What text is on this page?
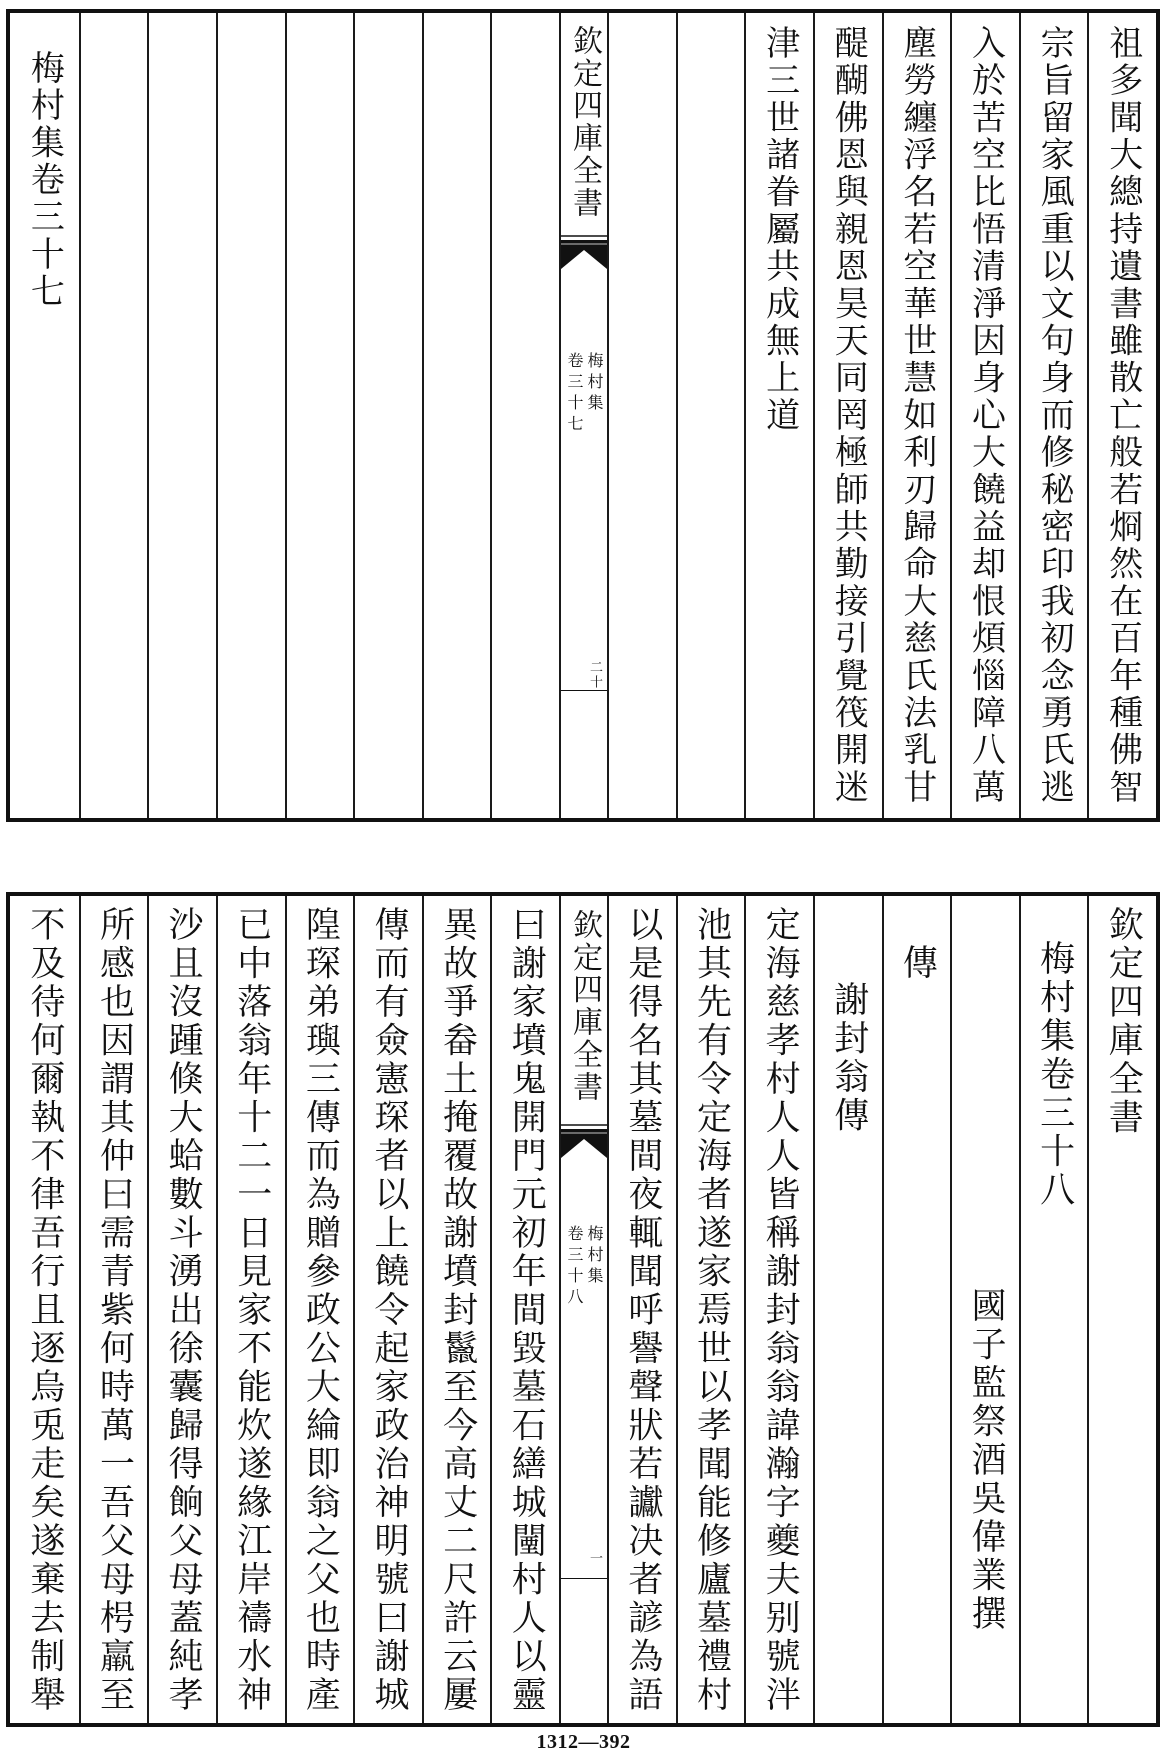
祖多聞大總持遺書雖散亡般若烱然在百年種佛智
宗旨留家風重以文句身而修秘密印我初念勇氏逃
入於苦空比悟清淨因身心大饒益却恨煩惱障八萬
塵勞纏浮名若空華世慧如利刃歸命大慈氏法乳甘
醍醐佛恩與親恩昊天同罔極師共勤接引覺筏開迷
津三世諸眷屬共成無上道
欽定四庫全書
梅村集
卷三十七
二十
梅村集卷三十七
欽定四庫全書
梅村集卷三十八
國子監祭酒吳偉業撰
傳
謝封翁傳
定海慈孝村人人皆稱謝封翁翁諱瀚字夔夫别號泮
池其先有令定海者遂家焉世以孝聞能修廬墓禮村
以是得名其墓間夜輒聞呼譽聲狀若讞决者諺為語
欽定四庫全書
梅村集
卷三十八
一
曰謝家墳鬼開門元初年間毀墓石繕城闉村人以靈
異故爭畚土掩覆故謝墳封鬣至今高丈二尺許云屢
傳而有僉憲琛者以上饒令起家政治神明號曰謝城
隍琛弟璵三傳而為贈參政公大綸即翁之父也時產
已中落翁年十二一日見家不能炊遂緣江岸禱水神
沙且沒踵倏大蛤數斗湧出徐囊歸得餉父母蓋純孝
所感也因謂其仲曰需青紫何時萬一吾父母枵羸至
不及待何爾執不律吾行且逐烏兎走矣遂棄去制舉
1312—392
